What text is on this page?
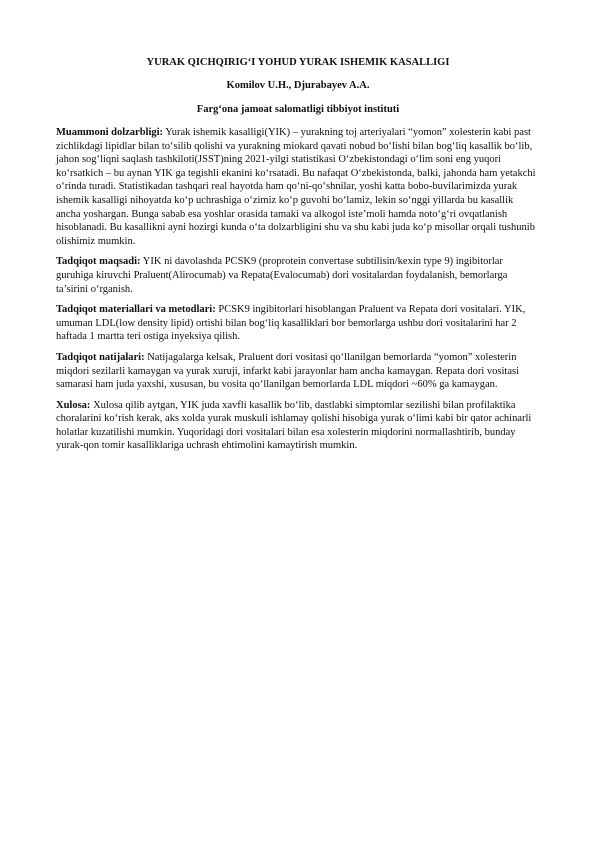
YURAK QICHQIRIG‘I YOHUD YURAK ISHEMIK KASALLIGI
Komilov U.H., Djurabayev A.A.
Farg‘ona jamoat salomatligi tibbiyot instituti

Muammoni dolzarbligi: Yurak ishemik kasalligi(YIK) – yurakning toj arteriyalari “yomon” xolesterin kabi past zichlikdagi lipidlar bilan to‘silib qolishi va yurakning miokard qavati nobud bo‘lishi bilan bog‘liq kasallik bo‘lib, jahon sog‘liqni saqlash tashkiloti(JSST)ning 2021-yilgi statistikasi O‘zbekistondagi o‘lim soni eng yuqori ko‘rsatkich – bu aynan YIK ga tegishli ekanini ko‘rsatadi. Bu nafaqat O‘zbekistonda, balki, jahonda ham yetakchi o‘rinda turadi. Statistikadan tashqari real hayotda ham qo‘ni-qo‘shnilar, yoshi katta bobo-buvilarimizda yurak ishemik kasalligi nihoyatda ko‘p uchrashiga o‘zimiz ko‘p guvohi bo‘lamiz, lekin so‘nggi yillarda bu kasallik ancha yoshargan. Bunga sabab esa yoshlar orasida tamaki va alkogol iste’moli hamda noto‘g‘ri ovqatlanish hisoblanadi. Bu kasallikni ayni hozirgi kunda o‘ta dolzarbligini shu va shu kabi juda ko‘p misollar orqali tushunib olishimiz mumkin.

Tadqiqot maqsadi: YIK ni davolashda PCSK9 (proprotein convertase subtilisin/kexin type 9) ingibitorlar guruhiga kiruvchi Praluent(Alirocumab) va Repata(Evalocumab) dori vositalardan foydalanish, bemorlarga ta’sirini o‘rganish.

Tadqiqot materiallari va metodlari: PCSK9 ingibitorlari hisoblangan Praluent va Repata dori vositalari. YIK, umuman LDL(low density lipid) ortishi bilan bog‘liq kasalliklari bor bemorlarga ushbu dori vositalarini har 2 haftada 1 martta teri ostiga inyeksiya qilish.

Tadqiqot natijalari: Natijagalarga kelsak, Praluent dori vositasi qo‘llanilgan bemorlarda “yomon” xolesterin miqdori sezilarli kamaygan va yurak xuruji, infarkt kabi jarayonlar ham ancha kamaygan. Repata dori vositasi samarasi ham juda yaxshi, xususan, bu vosita qo‘llanilgan bemorlarda LDL miqdori ~60% ga kamaygan.

Xulosa: Xulosa qilib aytgan, YIK juda xavfli kasallik bo‘lib, dastlabki simptomlar sezilishi bilan profilaktika choralarini ko‘rish kerak, aks xolda yurak muskuli ishlamay qolishi hisobiga yurak o‘limi kabi bir qator achinarli holatlar kuzatilishi mumkin. Yuqoridagi dori vositalari bilan esa xolesterin miqdorini normallashtirib, bunday yurak-qon tomir kasalliklariga uchrash ehtimolini kamaytirish mumkin.
